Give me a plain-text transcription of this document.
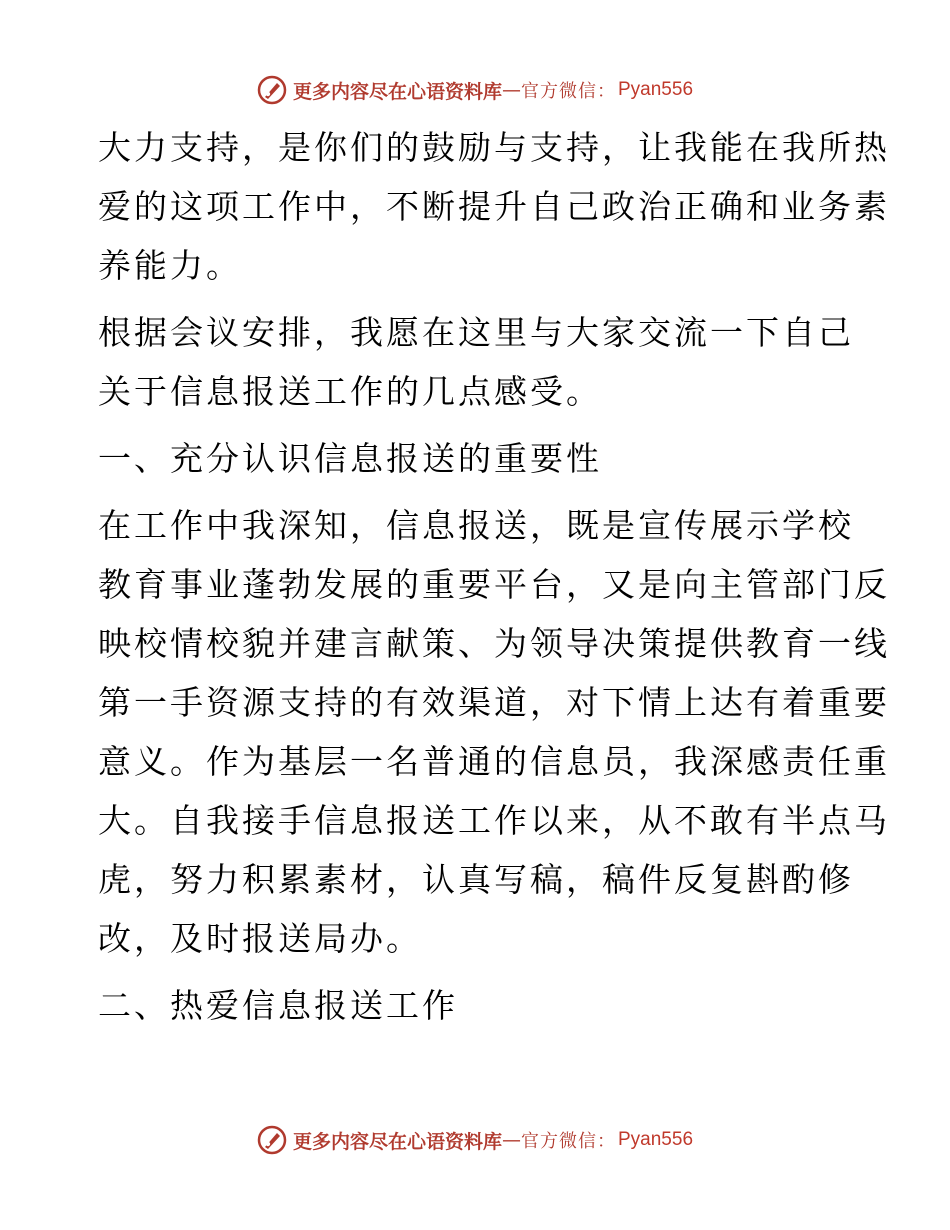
更多内容尽在心语资料库 — 官方微信： Pyan556

大力支持，是你们的鼓励与支持，让我能在我所热
爱的这项工作中，不断提升自己政治正确和业务素
养能力。

根据会议安排，我愿在这里与大家交流一下自己
关于信息报送工作的几点感受。

一、充分认识信息报送的重要性

在工作中我深知，信息报送，既是宣传展示学校
教育事业蓬勃发展的重要平台，又是向主管部门反
映校情校貌并建言献策、为领导决策提供教育一线
第一手资源支持的有效渠道，对下情上达有着重要
意义。作为基层一名普通的信息员，我深感责任重
大。自我接手信息报送工作以来，从不敢有半点马
虎，努力积累素材，认真写稿，稿件反复斟酌修
改，及时报送局办。

二、热爱信息报送工作

更多内容尽在心语资料库 — 官方微信： Pyan556
